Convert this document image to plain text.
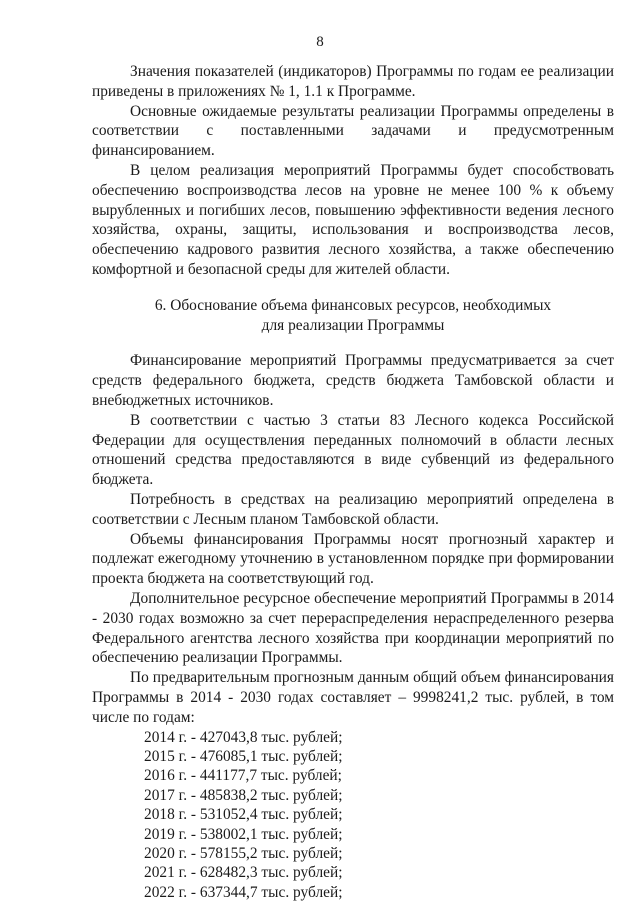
8

Значения показателей (индикаторов) Программы по годам ее реализации приведены в приложениях № 1, 1.1 к Программе.

Основные ожидаемые результаты реализации Программы определены в соответствии с поставленными задачами и предусмотренным финансированием.

В целом реализация мероприятий Программы будет способствовать обеспечению воспроизводства лесов на уровне не менее 100 % к объему вырубленных и погибших лесов, повышению эффективности ведения лесного хозяйства, охраны, защиты, использования и воспроизводства лесов, обеспечению кадрового развития лесного хозяйства, а также обеспечению комфортной и безопасной среды для жителей области.

6. Обоснование объема финансовых ресурсов, необходимых
для реализации Программы

Финансирование мероприятий Программы предусматривается за счет средств федерального бюджета, средств бюджета Тамбовской области и внебюджетных источников.

В соответствии с частью 3 статьи 83 Лесного кодекса Российской Федерации для осуществления переданных полномочий в области лесных отношений средства предоставляются в виде субвенций из федерального бюджета.

Потребность в средствах на реализацию мероприятий определена в соответствии с Лесным планом Тамбовской области.

Объемы финансирования Программы носят прогнозный характер и подлежат ежегодному уточнению в установленном порядке при формировании проекта бюджета на соответствующий год.

Дополнительное ресурсное обеспечение мероприятий Программы в 2014 - 2030 годах возможно за счет перераспределения нераспределенного резерва Федерального агентства лесного хозяйства при координации мероприятий по обеспечению реализации Программы.

По предварительным прогнозным данным общий объем финансирования Программы в 2014 - 2030 годах составляет – 9998241,2 тыс. рублей, в том числе по годам:

2014 г. - 427043,8 тыс. рублей;
2015 г. - 476085,1 тыс. рублей;
2016 г. - 441177,7 тыс. рублей;
2017 г. - 485838,2 тыс. рублей;
2018 г. - 531052,4 тыс. рублей;
2019 г. - 538002,1 тыс. рублей;
2020 г. - 578155,2 тыс. рублей;
2021 г. - 628482,3 тыс. рублей;
2022 г. - 637344,7 тыс. рублей;
